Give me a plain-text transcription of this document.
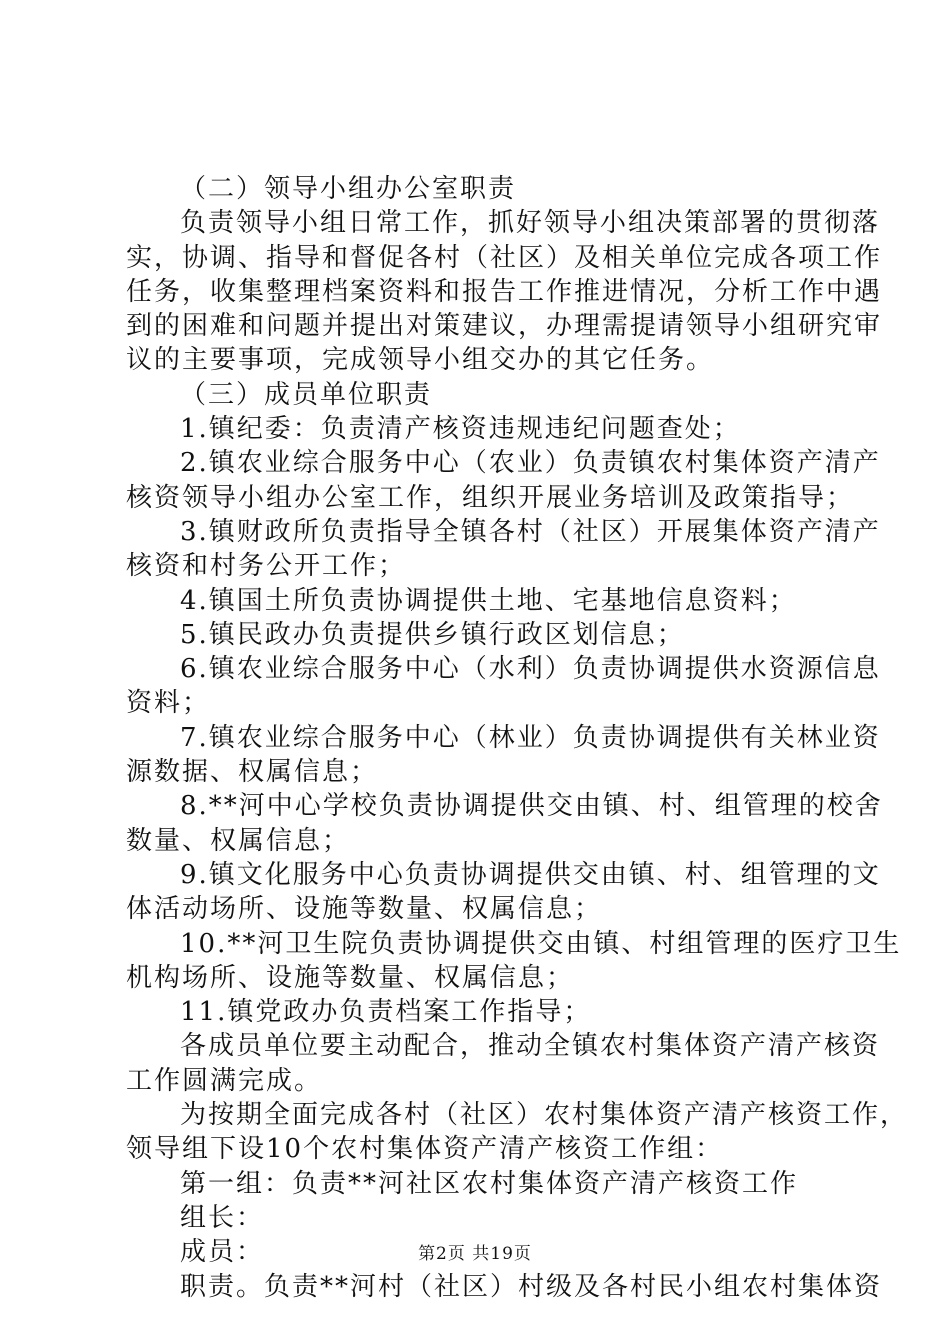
（二）领导小组办公室职责
负责领导小组日常工作，抓好领导小组决策部署的贯彻落
实，协调、指导和督促各村（社区）及相关单位完成各项工作
任务，收集整理档案资料和报告工作推进情况，分析工作中遇
到的困难和问题并提出对策建议，办理需提请领导小组研究审
议的主要事项，完成领导小组交办的其它任务。
（三）成员单位职责
1.镇纪委：负责清产核资违规违纪问题查处；
2.镇农业综合服务中心（农业）负责镇农村集体资产清产
核资领导小组办公室工作，组织开展业务培训及政策指导；
3.镇财政所负责指导全镇各村（社区）开展集体资产清产
核资和村务公开工作；
4.镇国土所负责协调提供土地、宅基地信息资料；
5.镇民政办负责提供乡镇行政区划信息；
6.镇农业综合服务中心（水利）负责协调提供水资源信息
资料；
7.镇农业综合服务中心（林业）负责协调提供有关林业资
源数据、权属信息；
8.**河中心学校负责协调提供交由镇、村、组管理的校舍
数量、权属信息；
9.镇文化服务中心负责协调提供交由镇、村、组管理的文
体活动场所、设施等数量、权属信息；
10.**河卫生院负责协调提供交由镇、村组管理的医疗卫生
机构场所、设施等数量、权属信息；
11.镇党政办负责档案工作指导；
各成员单位要主动配合，推动全镇农村集体资产清产核资
工作圆满完成。
为按期全面完成各村（社区）农村集体资产清产核资工作，
领导组下设10个农村集体资产清产核资工作组：
第一组：负责**河社区农村集体资产清产核资工作
组长：
成员：
职责。负责**河村（社区）村级及各村民小组农村集体资
第2页 共19页
